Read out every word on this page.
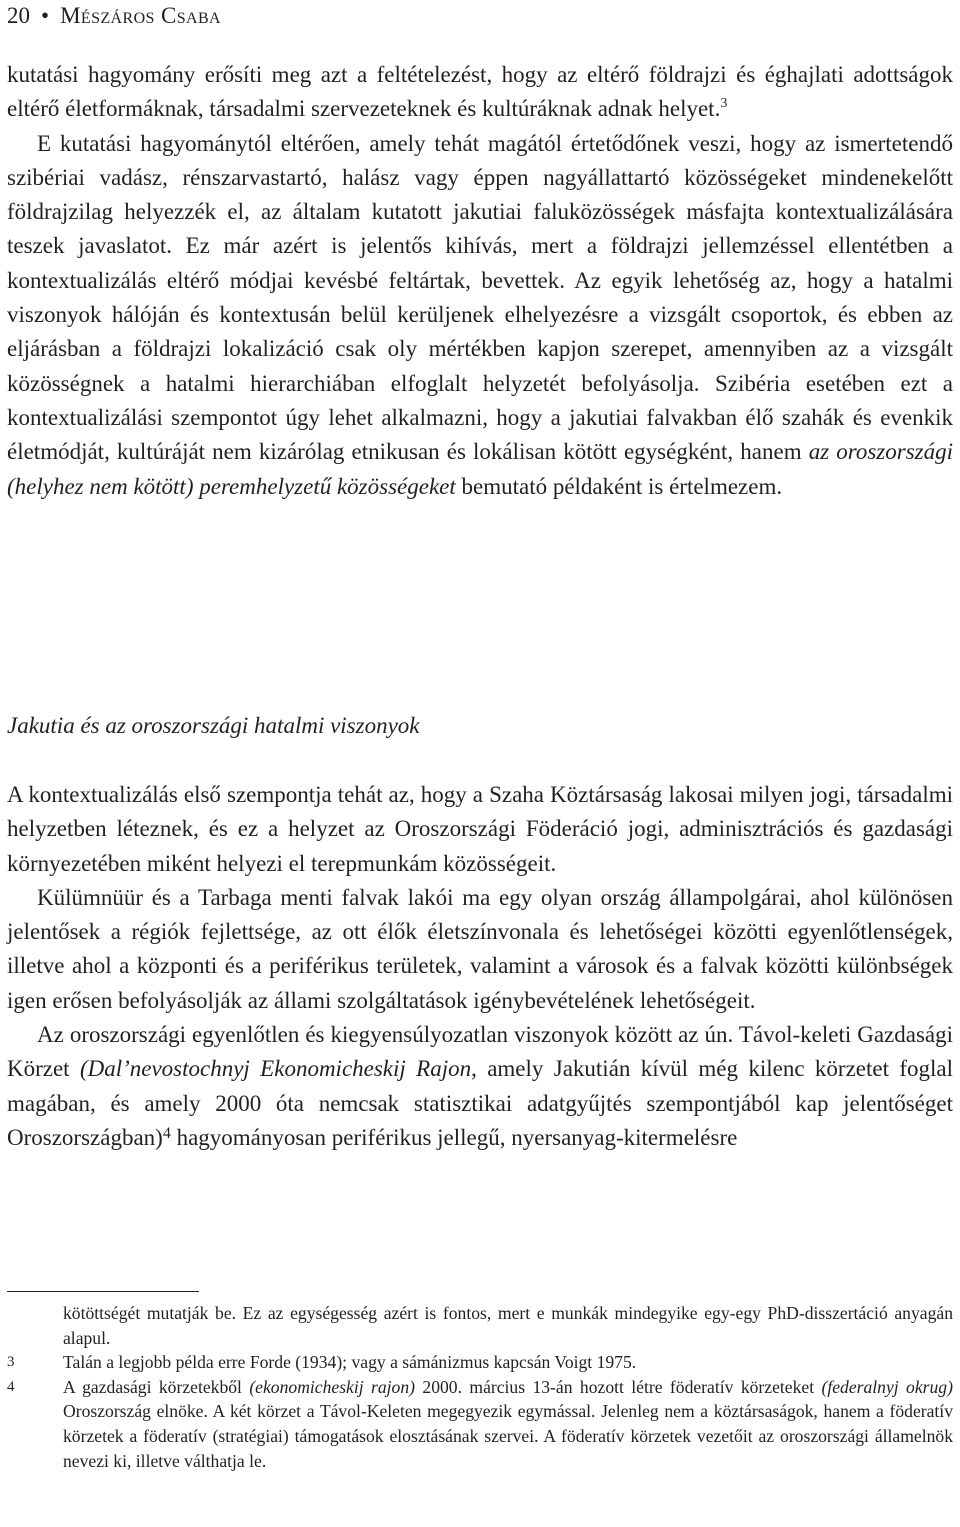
20 • Mészáros Csaba

kutatási hagyomány erősíti meg azt a feltételezést, hogy az eltérő földrajzi és éghajlati adottságok eltérő életformáknak, társadalmi szervezeteknek és kultúráknak adnak helyet.$^3$

E kutatási hagyománytól eltérően, amely tehát magától értetődőnek veszi, hogy az ismertetendő szibériai vadász, rénszarvastartó, halász vagy éppen nagyállattartó közösségeket mindenekelőtt földrajzilag helyezzék el, az általam kutatott jakutiai faluközösségek másfajta kontextualizálására teszek javaslatot. Ez már azért is jelentős kihívás, mert a földrajzi jellemzéssel ellentétben a kontextualizálás eltérő módjai kevésbé feltártak, bevettek. Az egyik lehetőség az, hogy a hatalmi viszonyok hálóján és kontextusán belül kerüljenek elhelyezésre a vizsgált csoportok, és ebben az eljárásban a földrajzi lokalizáció csak oly mértékben kapjon szerepet, amennyiben az a vizsgált közösségnek a hatalmi hierarchiában elfoglalt helyzetét befolyásolja. Szibéria esetében ezt a kontextualizálási szempontot úgy lehet alkalmazni, hogy a jakutiai falvakban élő szahák és evenkik életmódját, kultúráját nem kizárólag etnikusan és lokálisan kötött egységként, hanem az oroszországi (helyhez nem kötött) peremhelyzetű közösségeket bemutató példaként is értelmezem.

Jakutia és az oroszországi hatalmi viszonyok

A kontextualizálás első szempontja tehát az, hogy a Szaha Köztársaság lakosai milyen jogi, társadalmi helyzetben léteznek, és ez a helyzet az Oroszországi Föderáció jogi, adminisztrációs és gazdasági környezetében miként helyezi el terepmunkám közösségeit.

Külümnüür és a Tarbaga menti falvak lakói ma egy olyan ország állampolgárai, ahol különösen jelentősek a régiók fejlettsége, az ott élők életszínvonala és lehetőségei közötti egyenlőtlenségek, illetve ahol a központi és a periférikus területek, valamint a városok és a falvak közötti különbségek igen erősen befolyásolják az állami szolgáltatások igénybevételének lehetőségeit.

Az oroszországi egyenlőtlen és kiegyensúlyozatlan viszonyok között az ún. Távol-keleti Gazdasági Körzet (Dal’nevostochnyj Ekonomicheskij Rajon, amely Jakutián kívül még kilenc körzetet foglal magában, és amely 2000 óta nemcsak statisztikai adatgyűjtés szempontjából kap jelentőséget Oroszországban)$^4$ hagyományosan periférikus jellegű, nyersanyag-kitermelésre

kötöttségét mutatják be. Ez az egységesség azért is fontos, mert e munkák mindegyike egy-egy PhD-disszertáció anyagán alapul.
3	Talán a legjobb példa erre Forde (1934); vagy a sámánizmus kapcsán Voigt 1975.
4	A gazdasági körzetekből (ekonomicheskij rajon) 2000. március 13-án hozott létre föderatív körzeteket (federalnyj okrug) Oroszország elnöke. A két körzet a Távol-Keleten megegyezik egymással. Jelenleg nem a köztársaságok, hanem a föderatív körzetek a föderatív (stratégiai) támogatások elosztásának szervei. A föderatív körzetek vezetőit az oroszországi államelnök nevezi ki, illetve válthatja le.
